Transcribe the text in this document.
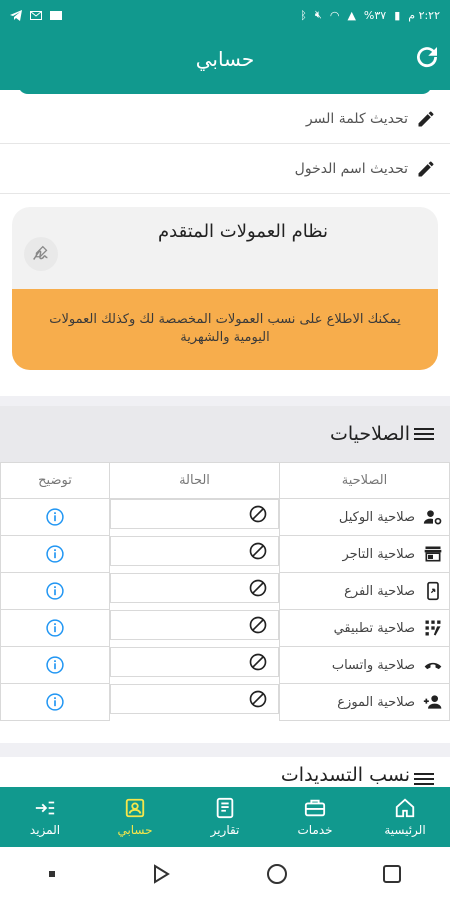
ᛒ 🔇︎ ◠ ▲ %٣٧ ▮ ٢:٢٢ م
حسابي
تحديث كلمة السر
تحديث اسم الدخول
نظام العمولات المتقدم
يمكنك الاطلاع على نسب العمولات المخصصة لك وكذلك العمولات اليومية والشهرية
الصلاحيات
الصلاحية	الحالة	توضيح

صلاحية الوكيل

صلاحية التاجر

صلاحية الفرع

صلاحية تطبيقي

صلاحية واتساب

صلاحية الموزع

نسب التسديدات
الرئيسية
خدمات
تقارير
حسابي
المزيد
